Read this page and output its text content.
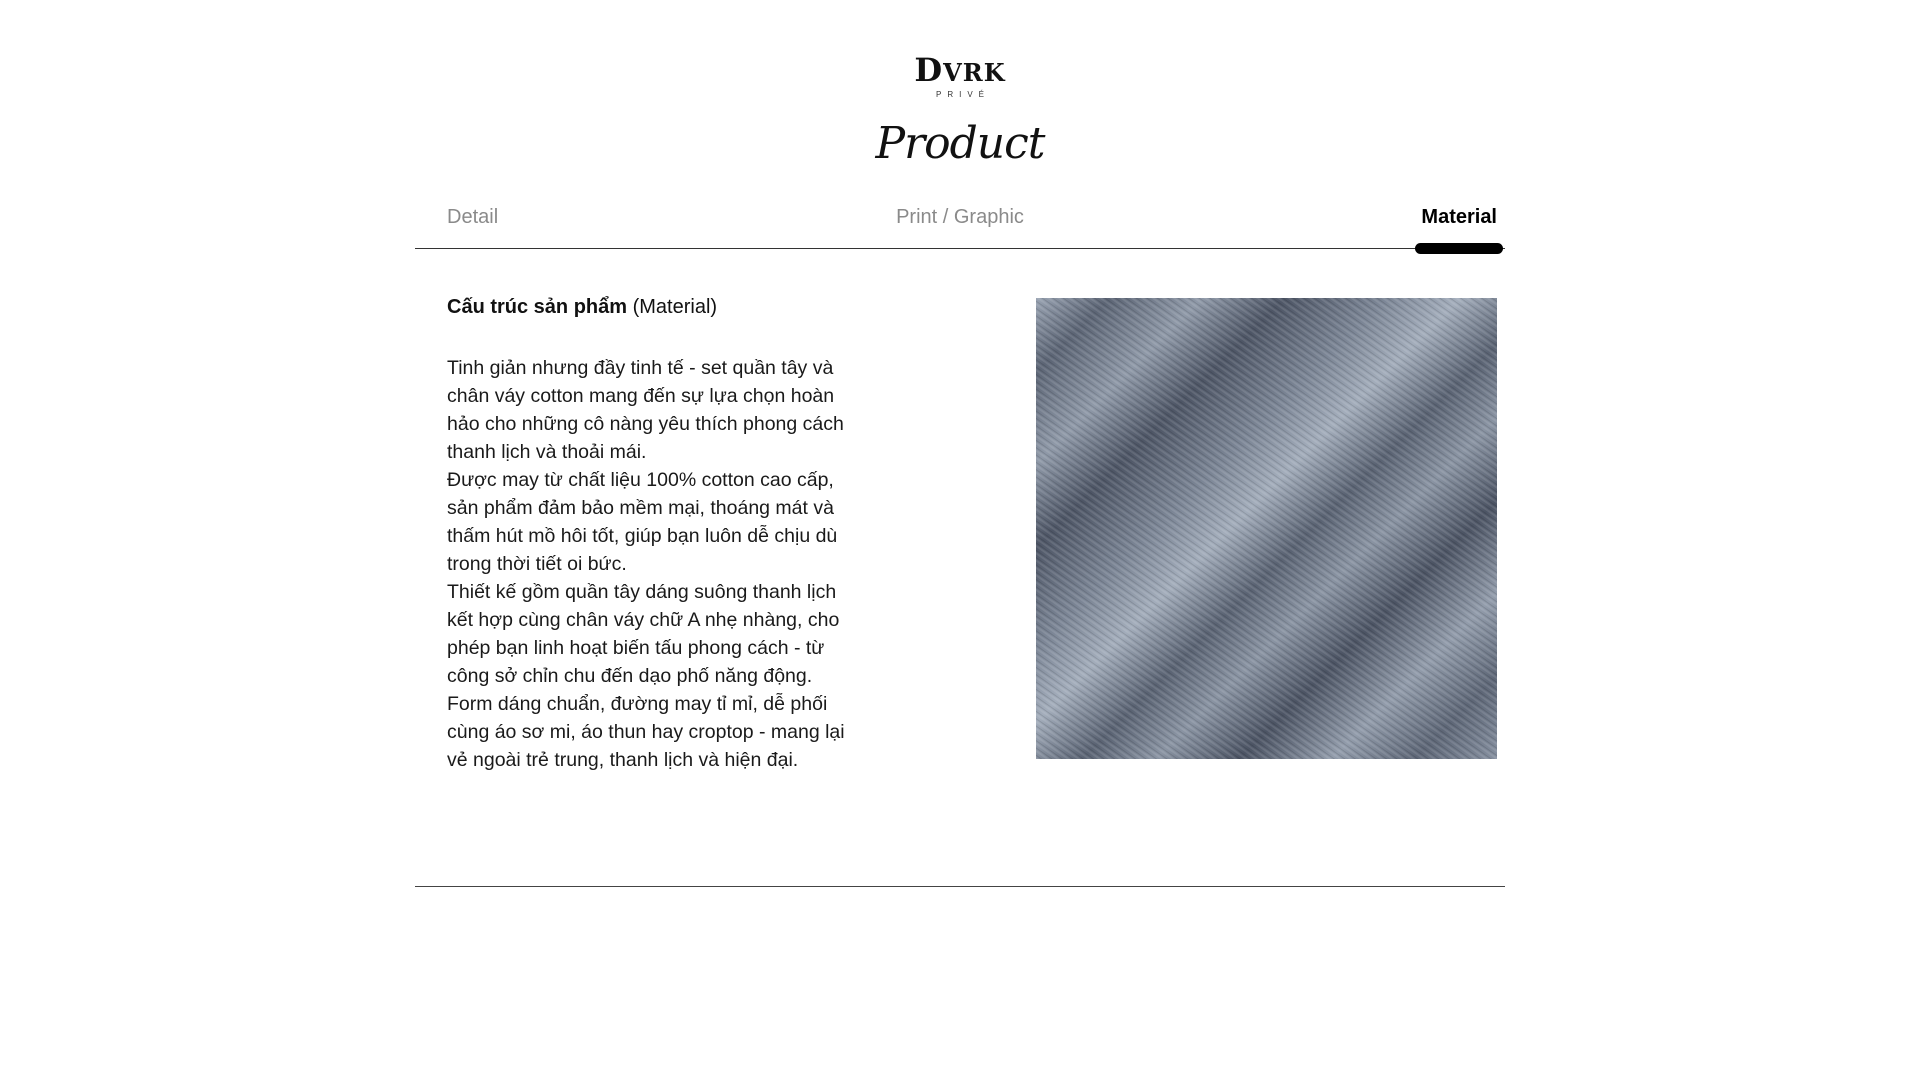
DVRK
PRIVÉ
Product
Detail	Print / Graphic	Material
Cấu trúc sản phẩm (Material)

Tinh giản nhưng đầy tinh tế - set quần tây và chân váy cotton mang đến sự lựa chọn hoàn hảo cho những cô nàng yêu thích phong cách thanh lịch và thoải mái.

Được may từ chất liệu 100% cotton cao cấp, sản phẩm đảm bảo mềm mại, thoáng mát và thấm hút mồ hôi tốt, giúp bạn luôn dễ chịu dù trong thời tiết oi bức.

Thiết kế gồm quần tây dáng suông thanh lịch kết hợp cùng chân váy chữ A nhẹ nhàng, cho phép bạn linh hoạt biến tấu phong cách - từ công sở chỉn chu đến dạo phố năng động.

Form dáng chuẩn, đường may tỉ mỉ, dễ phối cùng áo sơ mi, áo thun hay croptop - mang lại vẻ ngoài trẻ trung, thanh lịch và hiện đại.
